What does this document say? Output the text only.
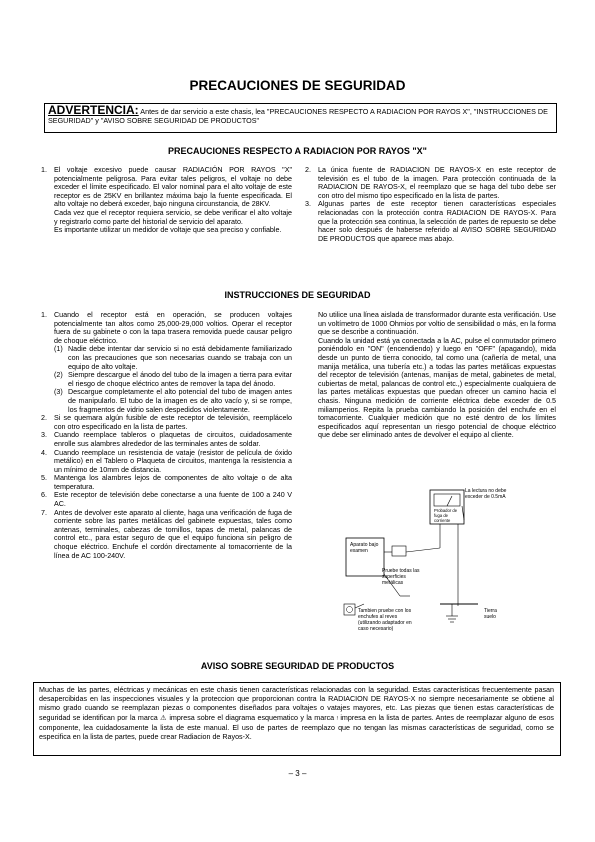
PRECAUCIONES DE SEGURIDAD
ADVERTENCIA: Antes de dar servicio a este chasis, lea "PRECAUCIONES RESPECTO A RADIACION POR RAYOS X", "INSTRUCCIONES DE SEGURIDAD" y "AVISO SOBRE SEGURIDAD DE PRODUCTOS"
PRECAUCIONES RESPECTO A RADIACION POR RAYOS "X"
1. El voltaje excesivo puede causar RADIACIÓN POR RAYOS "X" potencialmente peligrosa. Para evitar tales peligros, el voltaje no debe exceder el límite especificado. El valor nominal para el alto voltaje de este receptor es de 25KV en brillantez máxima bajo la fuente especificada. El alto voltaje no deberá exceder, bajo ninguna circunstancia, de 28KV.

Cada vez que el receptor requiera servicio, se debe verificar el alto voltaje y registrarlo como parte del historial de servicio del aparato.

Es importante utilizar un medidor de voltaje que sea preciso y confiable.

2. La única fuente de RADIACION DE RAYOS-X en este receptor de televisión es el tubo de la imagen. Para protección continuada de la RADIACION DE RAYOS-X, el reemplazo que se haga del tubo debe ser con otro del mismo tipo especificado en la lista de partes.

3. Algunas partes de este receptor tienen características especiales relacionadas con la protección contra RADIACION DE RAYOS-X. Para que la protección sea continua, la selección de partes de repuesto se debe hacer solo después de haberse referido al AVISO SOBRE SEGURIDAD DE PRODUCTOS que aparece mas abajo.

INSTRUCCIONES DE SEGURIDAD
1. Cuando el receptor está en operación, se producen voltajes potencialmente tan altos como 25,000-29,000 voltios. Operar el receptor fuera de su gabinete o con la tapa trasera removida puede causar peligro de choque eléctrico.

(1) Nadie debe intentar dar servicio si no está debidamente familiarizado con las precauciones que son necesarias cuando se trabaja con un equipo de alto voltaje.

(2) Siempre descargue el ánodo del tubo de la imagen a tierra para evitar el riesgo de choque eléctrico antes de remover la tapa del ánodo.

(3) Descargue completamente el alto potencial del tubo de imagen antes de manipularlo. El tubo de la imagen es de alto vacío y, si se rompe, los fragmentos de vidrio salen despedidos violentamente.

2. Si se quemara algún fusible de este receptor de televisión, reemplácelo con otro especificado en la lista de partes.

3. Cuando reemplace tableros o plaquetas de circuitos, cuidadosamente enrolle sus alambres alrededor de las terminales antes de soldar.

4. Cuando reemplace un resistencia de vataje (resistor de película de óxido metálico) en el Tablero o Plaqueta de circuitos, mantenga la resistencia a un mínimo de 10mm de distancia.

5. Mantenga los alambres lejos de componentes de alto voltaje o de alta temperatura.

6. Este receptor de televisión debe conectarse a una fuente de 100 a 240 V AC.

7. Antes de devolver este aparato al cliente, haga una verificación de fuga de corriente sobre las partes metálicas del gabinete expuestas, tales como antenas, terminales, cabezas de tornillos, tapas de metal, palancas de control etc., para estar seguro de que el equipo funciona sin peligro de choque eléctrico. Enchufe el cordón directamente al tomacorriente de la línea de AC 100-240V.

No utilice una línea aislada de transformador durante esta verificación. Use un voltímetro de 1000 Ohmios por voltio de sensibilidad o más, en la forma que se describe a continuación.

Cuando la unidad está ya conectada a la AC, pulse el conmutador primero poniéndolo en "ON" (encendiendo) y luego en "OFF" (apagando), mida desde un punto de tierra conocido, tal como una (cañería de metal, una manija metálica, una tubería etc.) a todas las partes metálicas expuestas del receptor de televisión (antenas, manijas de metal, gabinetes de metal, cubiertas de metal, palancas de control etc.,) especialmente cualquiera de las partes metálicas expuestas que puedan ofrecer un camino hacia el chasis. Ninguna medición de corriente eléctrica debe exceder de 0.5 miliamperios. Repita la prueba cambiando la posición del enchufe en el tomacorriente. Cualquier medición que no esté dentro de los límites especificados aquí representan un riesgo potencial de choque eléctrico que debe ser eliminado antes de devolver el equipo al cliente.

La lectura no debe exceder de 0.5mA
Probador de fuga de corriente
Aparato bajo examen
Pruebe todas las superficies metálicas
Tambien pruebe con los enchufes al reves (utilizando adaptador en caso necesario)
Tierra suelo
AVISO SOBRE SEGURIDAD DE PRODUCTOS
Muchas de las partes, eléctricas y mecánicas en este chasis tienen características relacionadas con la seguridad. Estas características frecuentemente pasan desapercibidas en las inspecciones visuales y la proteccion que proporcionan contra la RADIACION DE RAYOS-X no siempre necesariamente se obtiene al mismo grado cuando se reemplazan piezas o componentes diseñados para voltajes o vatajes mayores, etc. Las piezas que tienen estas características de seguridad se identifican por la marca ⚠ impresa sobre el diagrama esquematico y la marca ! impresa en la lista de partes. Antes de reemplazar alguno de esos componente, lea cuidadosamente la lista de este manual. El uso de partes de reemplazo que no tengan las mismas características de seguridad, como se especifica en la lista de partes, puede crear Radiacion de Rayos-X.
– 3 –
